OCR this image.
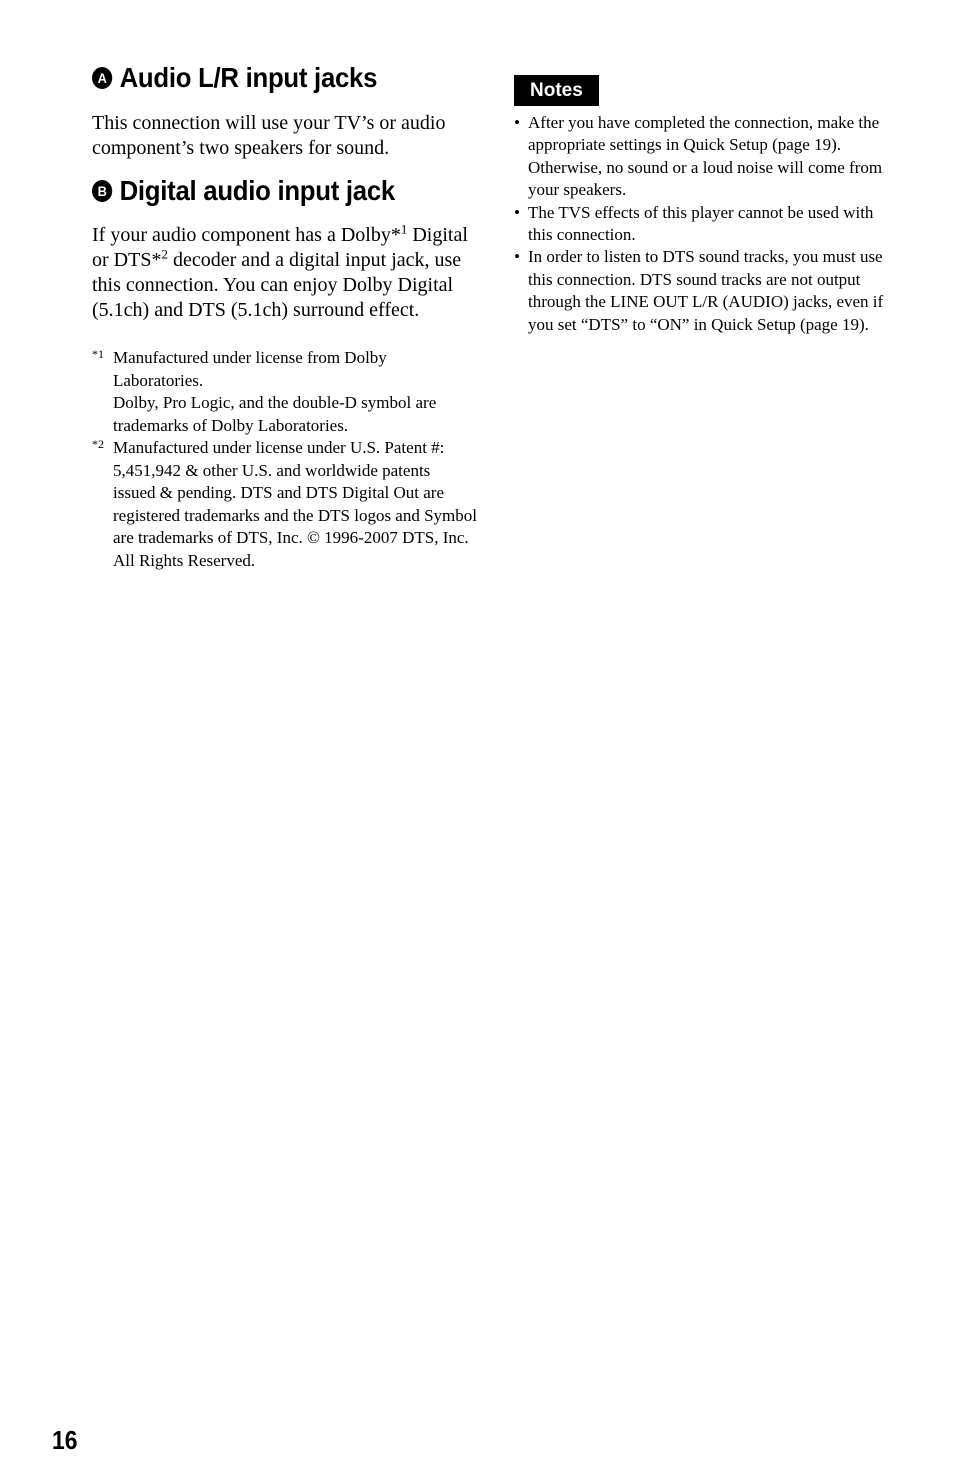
A Audio L/R input jacks

This connection will use your TV’s or audio component’s two speakers for sound.

B Digital audio input jack

If your audio component has a Dolby*$^1$ Digital or DTS*$^2$ decoder and a digital input jack, use this connection. You can enjoy Dolby Digital (5.1ch) and DTS (5.1ch) surround effect.

*1 Manufactured under license from Dolby Laboratories.

Dolby, Pro Logic, and the double-D symbol are trademarks of Dolby Laboratories.

*2 Manufactured under license under U.S. Patent #: 5,451,942 & other U.S. and worldwide patents issued & pending. DTS and DTS Digital Out are registered trademarks and the DTS logos and Symbol are trademarks of DTS, Inc. © 1996-2007 DTS, Inc. All Rights Reserved.

Notes
• After you have completed the connection, make the appropriate settings in Quick Setup (page 19). Otherwise, no sound or a loud noise will come from your speakers.
• The TVS effects of this player cannot be used with this connection.
• In order to listen to DTS sound tracks, you must use this connection. DTS sound tracks are not output through the LINE OUT L/R (AUDIO) jacks, even if you set “DTS” to “ON” in Quick Setup (page 19).
16
